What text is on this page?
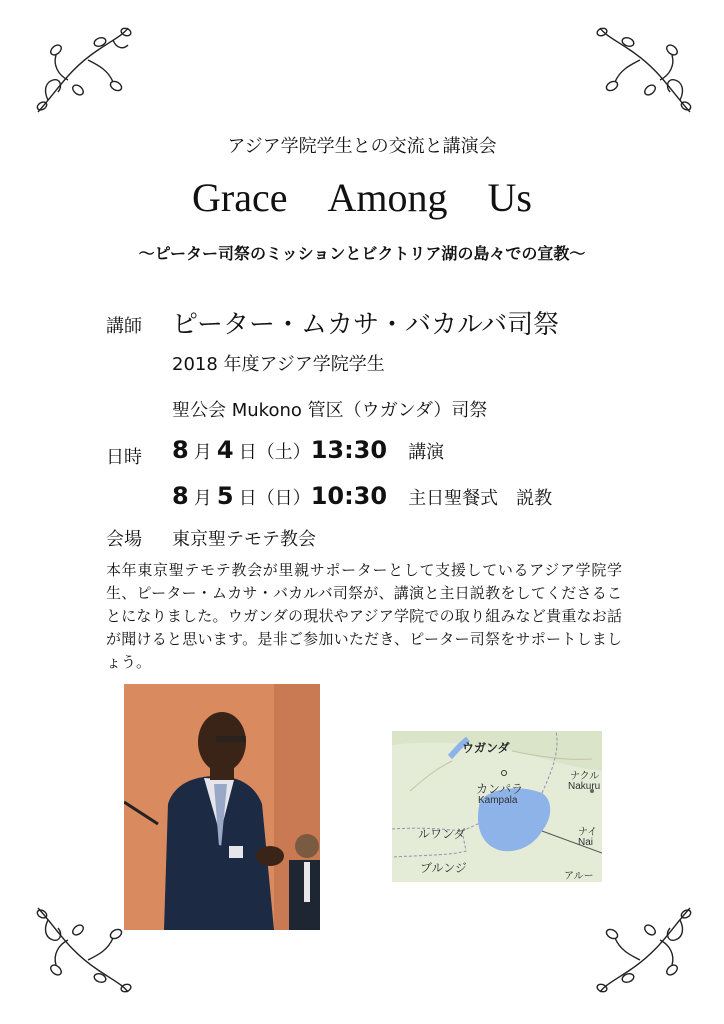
アジア学院学生との交流と講演会
Grace Among Us
〜ピーター司祭のミッションとビクトリア湖の島々での宣教〜
講師 ピーター・ムカサ・バカルバ司祭
2018 年度アジア学院学生
聖公会 Mukono 管区（ウガンダ）司祭
日時 8 月 4 日（土）13:30 講演
8 月 5 日（日）10:30 主日聖餐式　説教
会場 東京聖テモテ教会
本年東京聖テモテ教会が里親サポーターとして支援しているアジア学院学生、ピーター・ムカサ・バカルバ司祭が、講演と主日説教をしてくださることになりました。ウガンダの現状やアジア学院での取り組みなど貴重なお話が聞けると思います。是非ご参加いただき、ピーター司祭をサポートしましょう。
ウガンダ
カンパラ
Kampala
ナクル
Nakuru
ルワンダ
ブルンジ
ナイ
Nai
アルー
